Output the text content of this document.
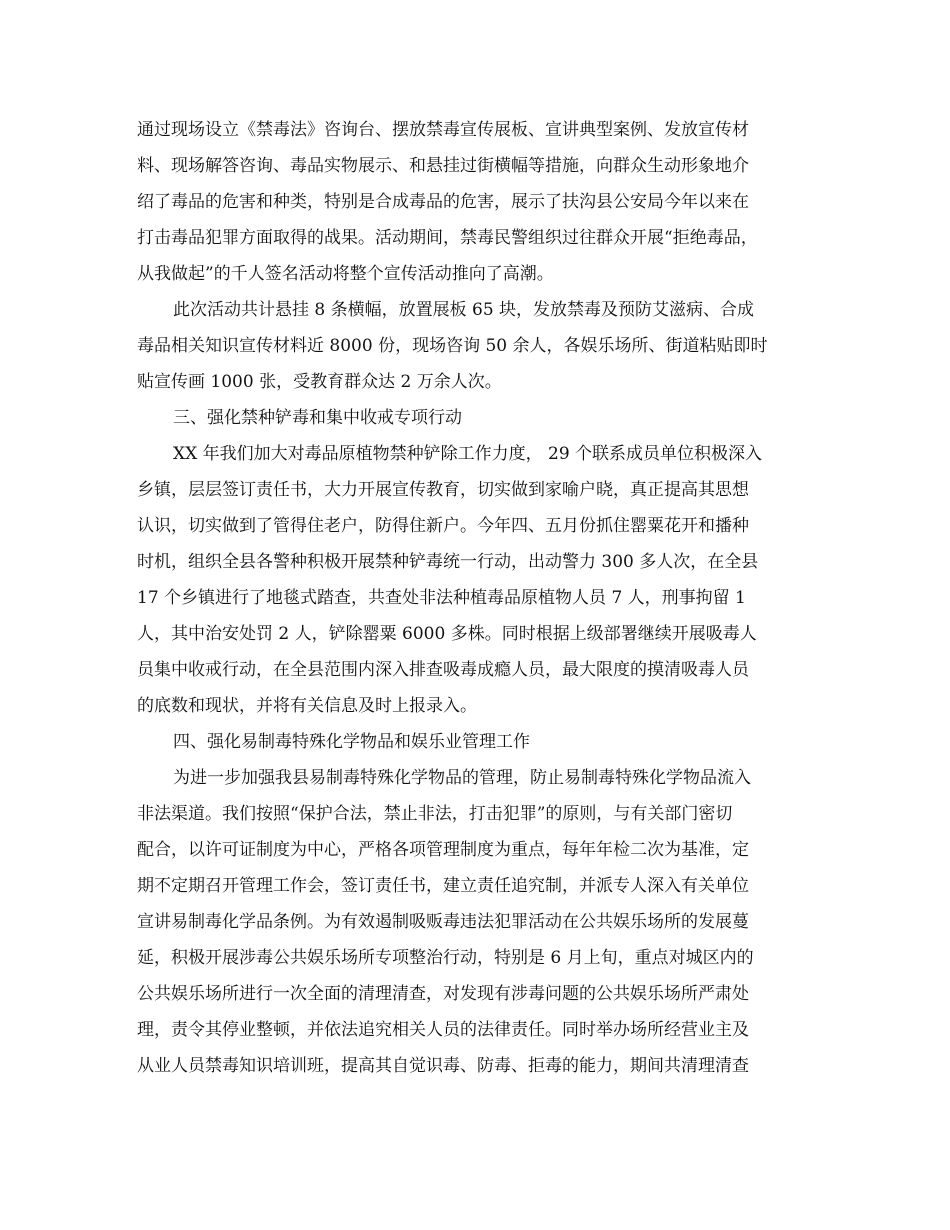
通过现场设立《禁毒法》咨询台、摆放禁毒宣传展板、宣讲典型案例、发放宣传材
料、现场解答咨询、毒品实物展示、和悬挂过街横幅等措施，向群众生动形象地介
绍了毒品的危害和种类，特别是合成毒品的危害，展示了扶沟县公安局今年以来在
打击毒品犯罪方面取得的战果。活动期间，禁毒民警组织过往群众开展“拒绝毒品，
从我做起”的千人签名活动将整个宣传活动推向了高潮。
此次活动共计悬挂 8 条横幅，放置展板 65 块，发放禁毒及预防艾滋病、合成
毒品相关知识宣传材料近 8000 份，现场咨询 50 余人，各娱乐场所、街道粘贴即时
贴宣传画 1000 张，受教育群众达 2 万余人次。
三、强化禁种铲毒和集中收戒专项行动
XX 年我们加大对毒品原植物禁种铲除工作力度， 29 个联系成员单位积极深入
乡镇，层层签订责任书，大力开展宣传教育，切实做到家喻户晓，真正提高其思想
认识，切实做到了管得住老户，防得住新户。今年四、五月份抓住罂粟花开和播种
时机，组织全县各警种积极开展禁种铲毒统一行动，出动警力 300 多人次，在全县
17 个乡镇进行了地毯式踏查，共查处非法种植毒品原植物人员 7 人，刑事拘留 1
人，其中治安处罚 2 人，铲除罂粟 6000 多株。同时根据上级部署继续开展吸毒人
员集中收戒行动，在全县范围内深入排查吸毒成瘾人员，最大限度的摸清吸毒人员
的底数和现状，并将有关信息及时上报录入。
四、强化易制毒特殊化学物品和娱乐业管理工作
为进一步加强我县易制毒特殊化学物品的管理，防止易制毒特殊化学物品流入
非法渠道。我们按照“保护合法，禁止非法，打击犯罪”的原则，与有关部门密切
配合，以许可证制度为中心，严格各项管理制度为重点，每年年检二次为基准，定
期不定期召开管理工作会，签订责任书，建立责任追究制，并派专人深入有关单位
宣讲易制毒化学品条例。为有效遏制吸贩毒违法犯罪活动在公共娱乐场所的发展蔓
延，积极开展涉毒公共娱乐场所专项整治行动，特别是 6 月上旬，重点对城区内的
公共娱乐场所进行一次全面的清理清查，对发现有涉毒问题的公共娱乐场所严肃处
理，责令其停业整顿，并依法追究相关人员的法律责任。同时举办场所经营业主及
从业人员禁毒知识培训班，提高其自觉识毒、防毒、拒毒的能力，期间共清理清查
